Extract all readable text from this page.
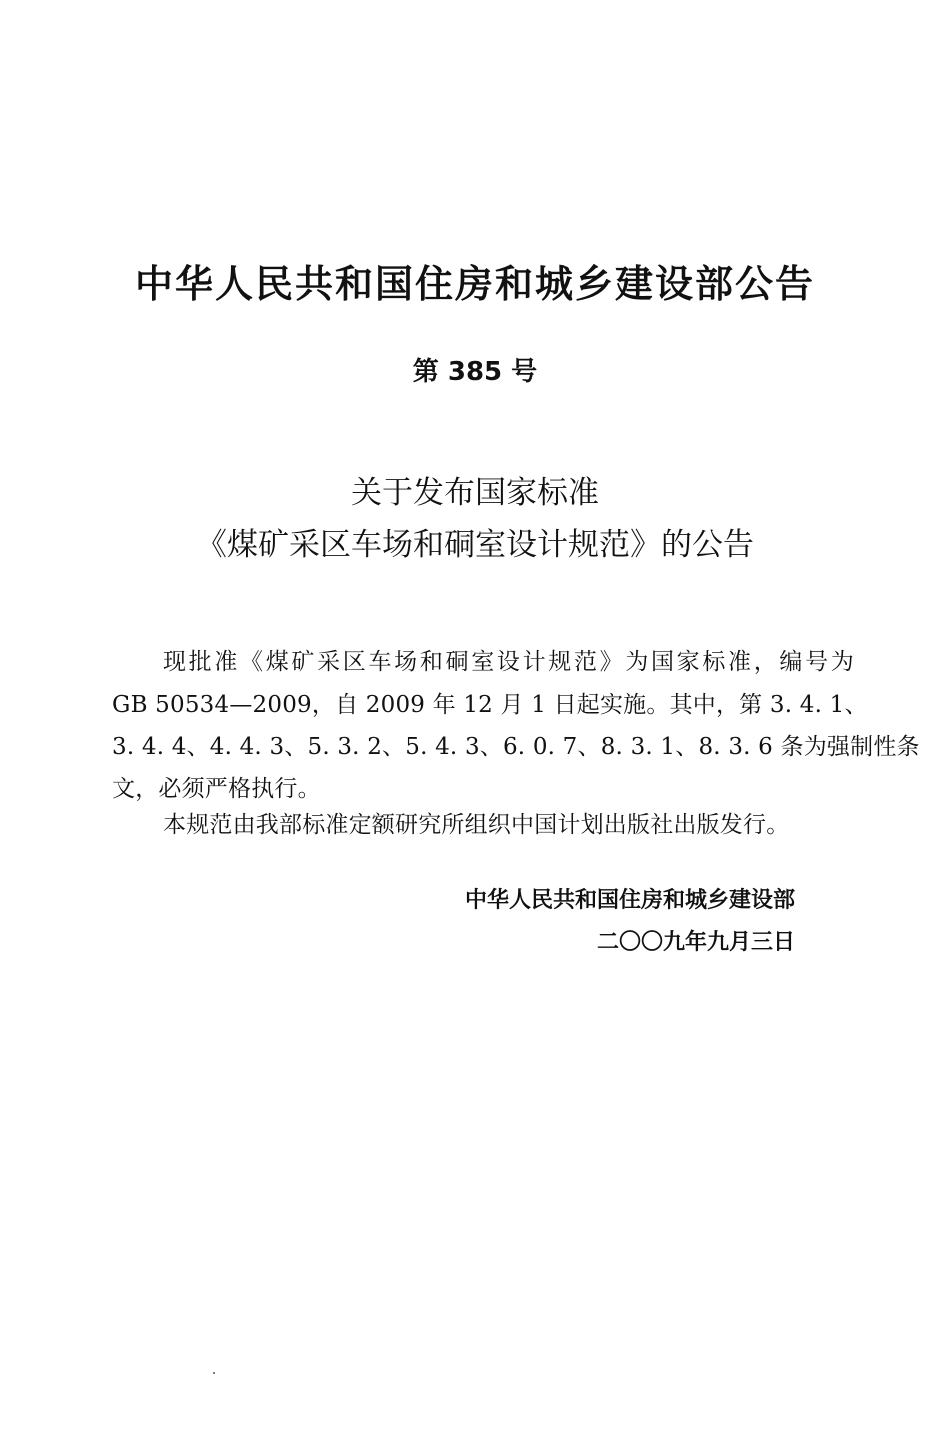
中华人民共和国住房和城乡建设部公告
第 385 号
关于发布国家标准
《煤矿采区车场和硐室设计规范》的公告
现批准《煤矿采区车场和硐室设计规范》为国家标准，编号为
GB 50534—2009，自 2009 年 12 月 1 日起实施。其中，第 3. 4. 1、
3. 4. 4、4. 4. 3、5. 3. 2、5. 4. 3、6. 0. 7、8. 3. 1、8. 3. 6 条为强制性条
文，必须严格执行。
本规范由我部标准定额研究所组织中国计划出版社出版发行。
中华人民共和国住房和城乡建设部
二〇〇九年九月三日
